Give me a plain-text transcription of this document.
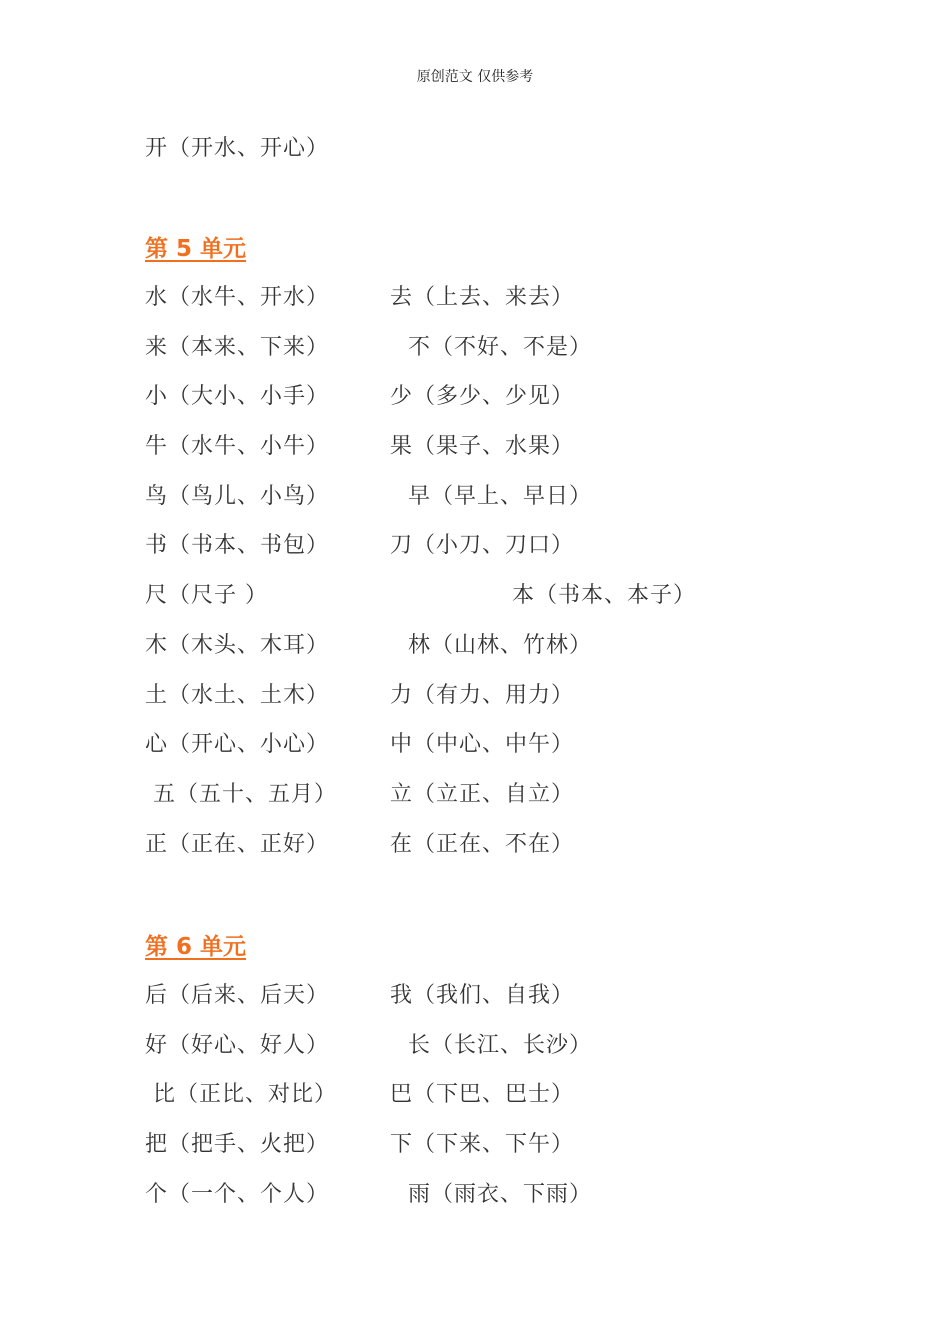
原创范文 仅供参考
开（开水、开心）
第 5 单元
水（水牛、开水）	去（上去、来去）
来（本来、下来）	不（不好、不是）
小（大小、小手）	少（多少、少见）
牛（水牛、小牛）	果（果子、水果）
鸟（鸟儿、小鸟）	早（早上、早日）
书（书本、书包）	刀（小刀、刀口）
尺（尺子 ）	本（书本、本子）
木（木头、木耳）	林（山林、竹林）
土（水土、土木）	力（有力、用力）
心（开心、小心）	中（中心、中午）
五（五十、五月） 立（立正、自立）
正（正在、正好）	在（正在、不在）
第 6 单元
后（后来、后天）	我（我们、自我）
好（好心、好人）	长（长江、长沙）
比（正比、对比） 巴（下巴、巴士）
把（把手、火把）	下（下来、下午）
个（一个、个人）	雨（雨衣、下雨）
